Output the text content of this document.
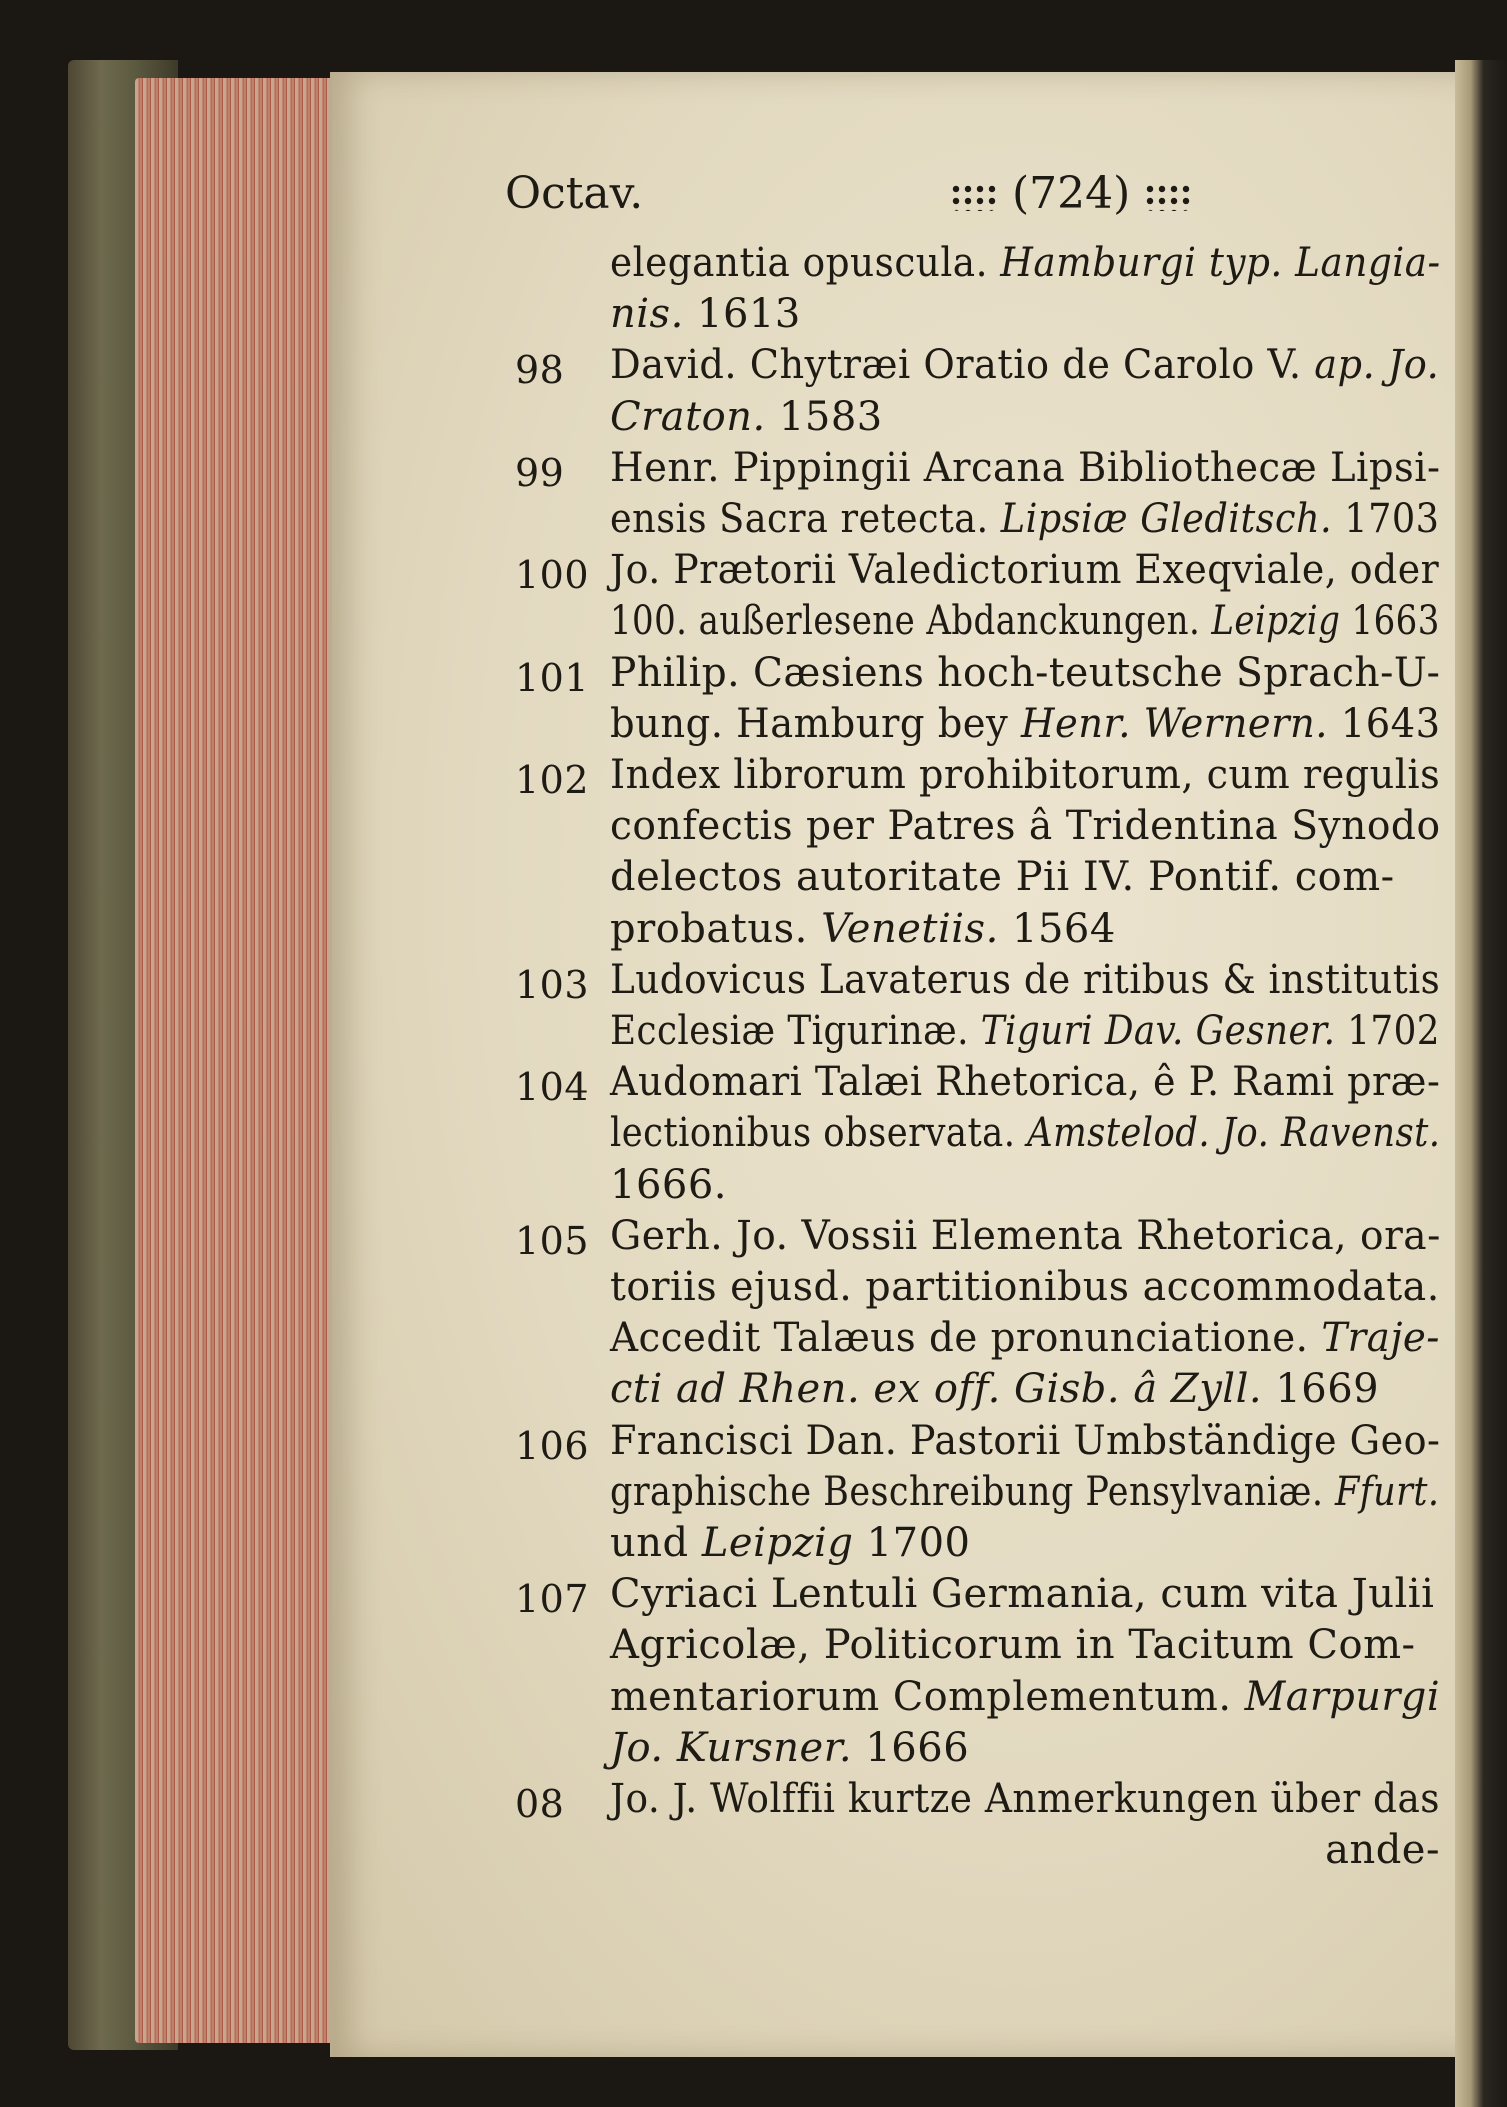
Octav.	(724)
elegantia opuscula. Hamburgi typ. Langia-
nis. 1613
98 David. Chytræi Oratio de Carolo V. ap. Jo.
Craton. 1583
99 Henr. Pippingii Arcana Bibliothecæ Lipsi-
ensis Sacra retecta. Lipsiæ Gleditsch. 1703
100 Jo. Prætorii Valedictorium Exeqviale, oder
100. außerlesene Abdanckungen. Leipzig 1663
101 Philip. Cæsiens hoch-teutsche Sprach-U-
bung. Hamburg bey Henr. Wernern. 1643
102 Index librorum prohibitorum, cum regulis
confectis per Patres â Tridentina Synodo
delectos autoritate Pii IV. Pontif. com-
probatus. Venetiis. 1564
103 Ludovicus Lavaterus de ritibus & institutis
Ecclesiæ Tigurinæ. Tiguri Dav. Gesner. 1702
104 Audomari Talæi Rhetorica, ê P. Rami præ-
lectionibus observata. Amstelod. Jo. Ravenst.
1666.
105 Gerh. Jo. Vossii Elementa Rhetorica, ora-
toriis ejusd. partitionibus accommodata.
Accedit Talæus de pronunciatione. Traje-
cti ad Rhen. ex off. Gisb. â Zyll. 1669
106 Francisci Dan. Pastorii Umbständige Geo-
graphische Beschreibung Pensylvaniæ. Ffurt.
und Leipzig 1700
107 Cyriaci Lentuli Germania, cum vita Julii
Agricolæ, Politicorum in Tacitum Com-
mentariorum Complementum. Marpurgi
Jo. Kursner. 1666
08 Jo. J. Wolffii kurtze Anmerkungen über das
ande-
